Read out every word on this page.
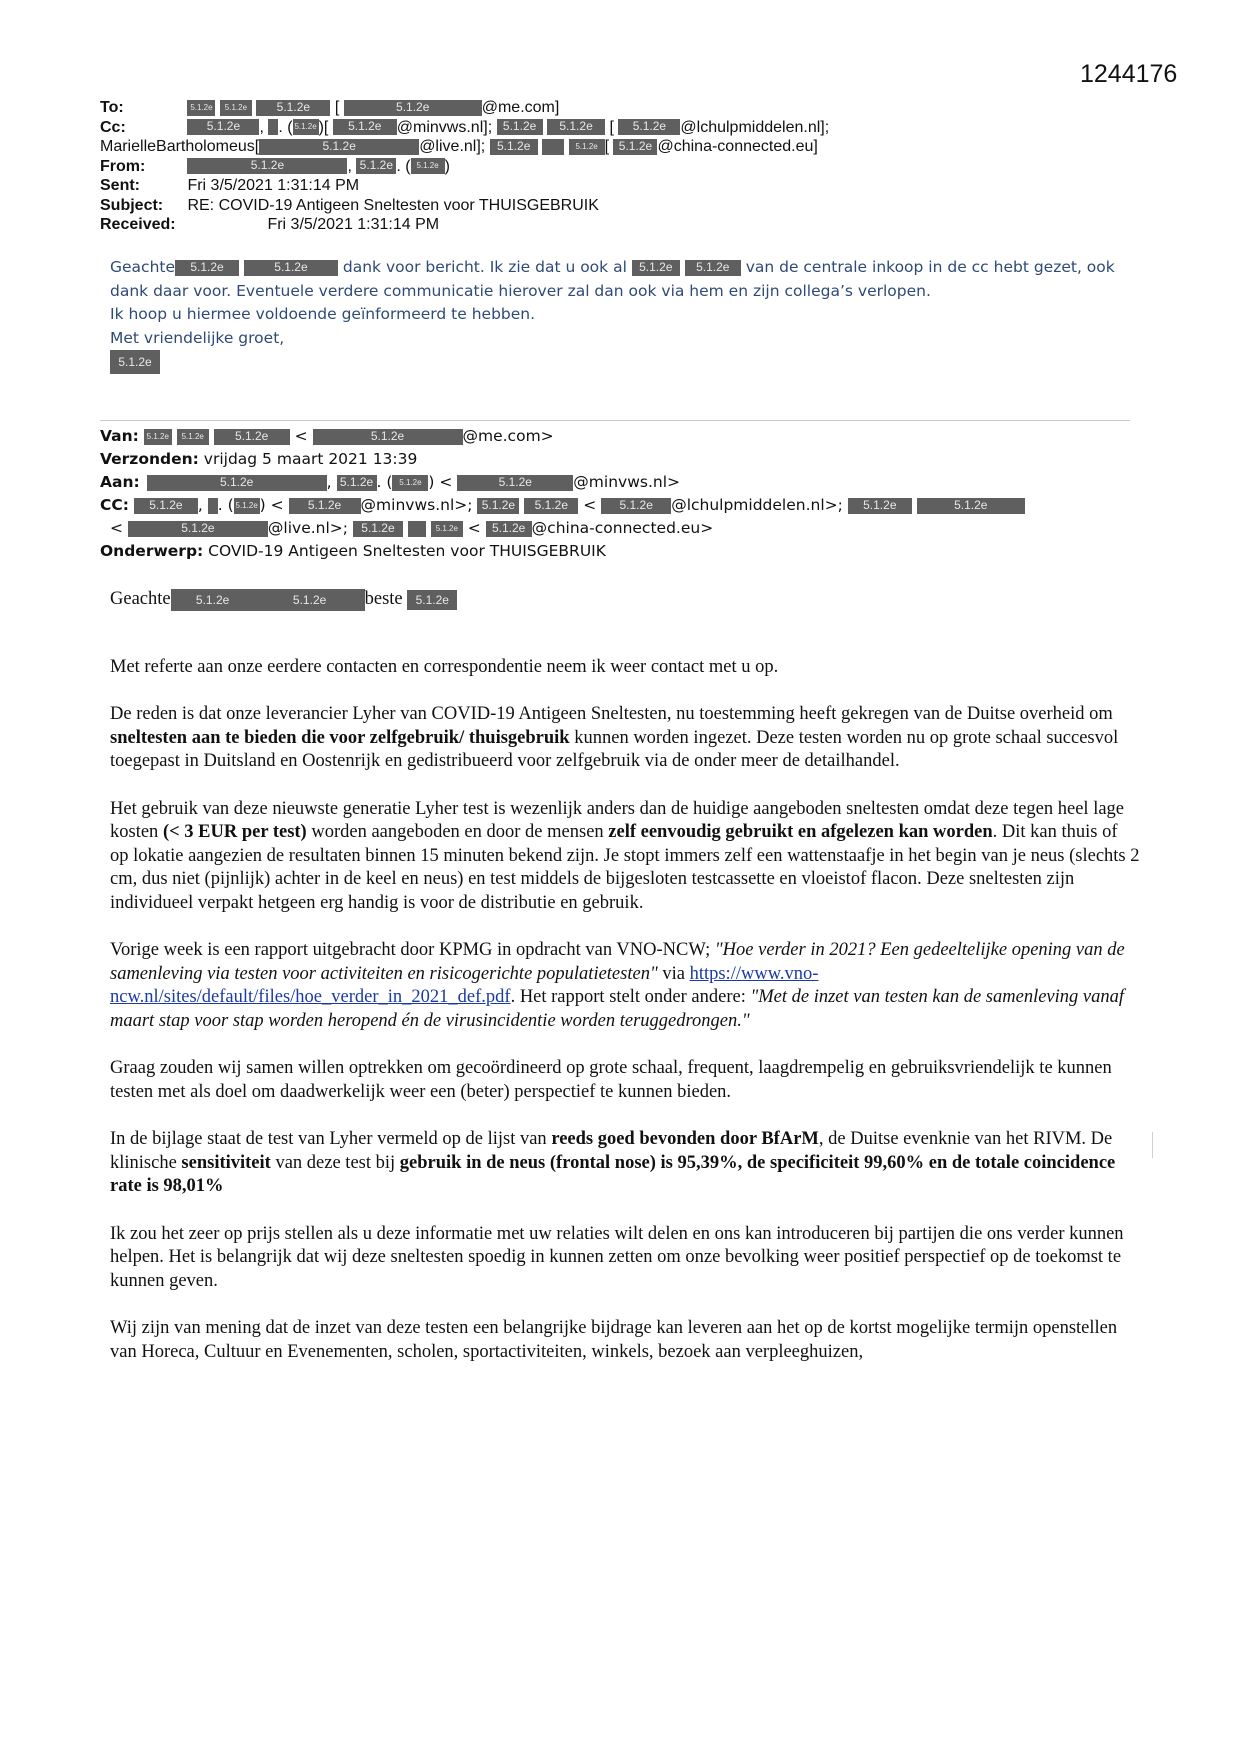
1244176
To:	5.1.2e 5.1.2e 5.1.2e [	5.1.2e	@me.com]
Cc:	5.1.2e , . ( 5.1.2e )[ 5.1.2e @minvws.nl]; 5.1.2e 5.1.2e [ 5.1.2e @lchulpmiddelen.nl];
MarielleBartholomeus[	5.1.2e	@live.nl]; 5.1.2e	5.1.2e [ 5.1.2e @china-connected.eu]
From:	5.1.2e	, 5.1.2e . ( 5.1.2e )
Sent:	Fri 3/5/2021 1:31:14 PM
Subject: RE: COVID-19 Antigeen Sneltesten voor THUISGEBRUIK
Received:	Fri 3/5/2021 1:31:14 PM

Geachte 5.1.2e	5.1.2e dank voor bericht. Ik zie dat u ook al 5.1.2e 5.1.2e van de centrale inkoop in de cc hebt gezet, ook

dank daar voor. Eventuele verdere communicatie hierover zal dan ook via hem en zijn collega’s verlopen.

Ik hoop u hiermee voldoende geïnformeerd te hebben.

Met vriendelijke groet,

5.1.2e

Van: 5.1.2e 5.1.2e	5.1.2e <	5.1.2e	@me.com>
Verzonden: vrijdag 5 maart 2021 13:39
Aan:	5.1.2e	, 5.1.2e . ( 5.1.2e ) <	5.1.2e	@minvws.nl>
CC: 5.1.2e , . ( 5.1.2e ) < 5.1.2e @minvws.nl>; 5.1.2e 5.1.2e < 5.1.2e @lchulpmiddelen.nl>; 5.1.2e	5.1.2e
<	5.1.2e	@live.nl>; 5.1.2e	5.1.2e < 5.1.2e @china-connected.eu>
Onderwerp: COVID-19 Antigeen Sneltesten voor THUISGEBRUIK

Geachte 5.1.2e	5.1.2e beste 5.1.2e

Met referte aan onze eerdere contacten en correspondentie neem ik weer contact met u op.

De reden is dat onze leverancier Lyher van COVID-19 Antigeen Sneltesten, nu toestemming heeft gekregen van de Duitse overheid om sneltesten aan te bieden die voor zelfgebruik/ thuisgebruik kunnen worden ingezet. Deze testen worden nu op grote schaal succesvol toegepast in Duitsland en Oostenrijk en gedistribueerd voor zelfgebruik via de onder meer de detailhandel.

Het gebruik van deze nieuwste generatie Lyher test is wezenlijk anders dan de huidige aangeboden sneltesten omdat deze tegen heel lage kosten (< 3 EUR per test) worden aangeboden en door de mensen zelf eenvoudig gebruikt en afgelezen kan worden. Dit kan thuis of op lokatie aangezien de resultaten binnen 15 minuten bekend zijn. Je stopt immers zelf een wattenstaafje in het begin van je neus (slechts 2 cm, dus niet (pijnlijk) achter in de keel en neus) en test middels de bijgesloten testcassette en vloeistof flacon. Deze sneltesten zijn individueel verpakt hetgeen erg handig is voor de distributie en gebruik.

Vorige week is een rapport uitgebracht door KPMG in opdracht van VNO-NCW; "Hoe verder in 2021? Een gedeeltelijke opening van de samenleving via testen voor activiteiten en risicogerichte populatietesten" via https://www.vno-ncw.nl/sites/default/files/hoe_verder_in_2021_def.pdf. Het rapport stelt onder andere: "Met de inzet van testen kan de samenleving vanaf maart stap voor stap worden heropend én de virusincidentie worden teruggedrongen."

Graag zouden wij samen willen optrekken om gecoördineerd op grote schaal, frequent, laagdrempelig en gebruiksvriendelijk te kunnen testen met als doel om daadwerkelijk weer een (beter) perspectief te kunnen bieden.

In de bijlage staat de test van Lyher vermeld op de lijst van reeds goed bevonden door BfArM, de Duitse evenknie van het RIVM. De klinische sensitiviteit van deze test bij gebruik in de neus (frontal nose) is 95,39%, de specificiteit 99,60% en de totale coincidence rate is 98,01%

Ik zou het zeer op prijs stellen als u deze informatie met uw relaties wilt delen en ons kan introduceren bij partijen die ons verder kunnen helpen. Het is belangrijk dat wij deze sneltesten spoedig in kunnen zetten om onze bevolking weer positief perspectief op de toekomst te kunnen geven.

Wij zijn van mening dat de inzet van deze testen een belangrijke bijdrage kan leveren aan het op de kortst mogelijke termijn openstellen van Horeca, Cultuur en Evenementen, scholen, sportactiviteiten, winkels, bezoek aan verpleeghuizen,
